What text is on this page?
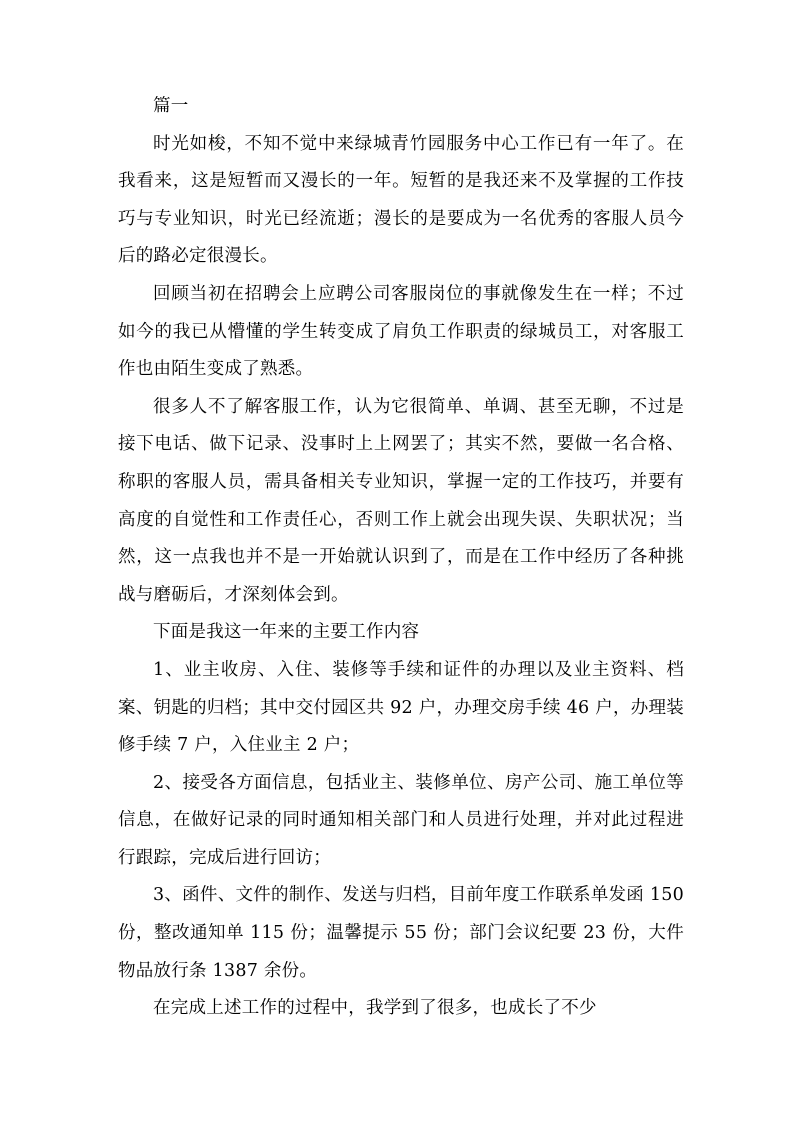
篇一

时光如梭，不知不觉中来绿城青竹园服务中心工作已有一年了。在我看来，这是短暂而又漫长的一年。短暂的是我还来不及掌握的工作技巧与专业知识，时光已经流逝；漫长的是要成为一名优秀的客服人员今后的路必定很漫长。

回顾当初在招聘会上应聘公司客服岗位的事就像发生在一样；不过如今的我已从懵懂的学生转变成了肩负工作职责的绿城员工，对客服工作也由陌生变成了熟悉。

很多人不了解客服工作，认为它很简单、单调、甚至无聊，不过是接下电话、做下记录、没事时上上网罢了；其实不然，要做一名合格、称职的客服人员，需具备相关专业知识，掌握一定的工作技巧，并要有高度的自觉性和工作责任心，否则工作上就会出现失误、失职状况；当然，这一点我也并不是一开始就认识到了，而是在工作中经历了各种挑战与磨砺后，才深刻体会到。

下面是我这一年来的主要工作内容

1、业主收房、入住、装修等手续和证件的办理以及业主资料、档案、钥匙的归档；其中交付园区共 92 户，办理交房手续 46 户，办理装修手续 7 户，入住业主 2 户；

2、接受各方面信息，包括业主、装修单位、房产公司、施工单位等信息，在做好记录的同时通知相关部门和人员进行处理，并对此过程进行跟踪，完成后进行回访；

3、函件、文件的制作、发送与归档，目前年度工作联系单发函 150 份，整改通知单 115 份；温馨提示 55 份；部门会议纪要 23 份，大件物品放行条 1387 余份。

在完成上述工作的过程中，我学到了很多，也成长了不少
